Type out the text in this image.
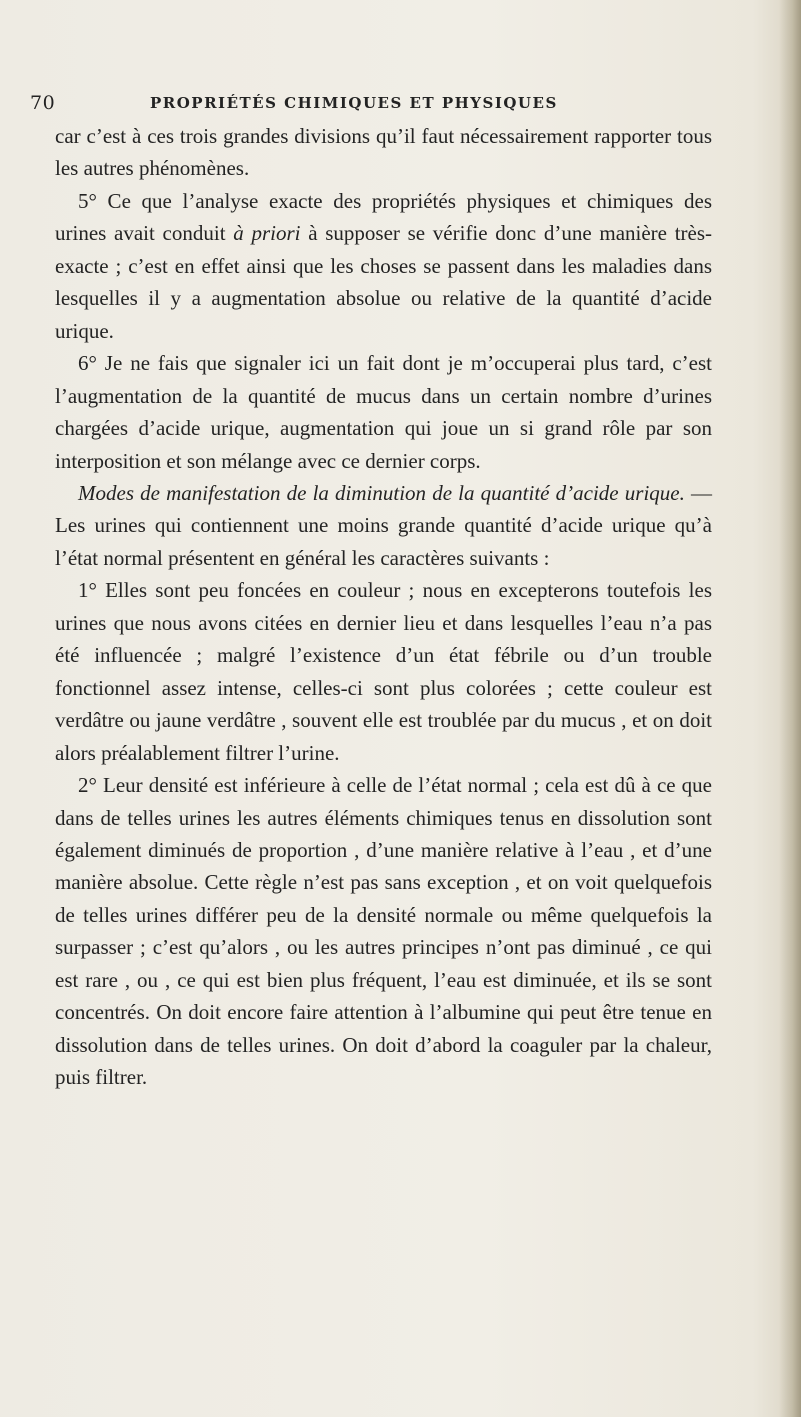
70	PROPRIÉTÉS CHIMIQUES ET PHYSIQUES

car c’est à ces trois grandes divisions qu’il faut nécessairement rapporter tous les autres phénomènes.

5° Ce que l’analyse exacte des propriétés physiques et chimiques des urines avait conduit à priori à supposer se vérifie donc d’une manière très-exacte ; c’est en effet ainsi que les choses se passent dans les maladies dans lesquelles il y a augmentation absolue ou relative de la quantité d’acide urique.

6° Je ne fais que signaler ici un fait dont je m’occuperai plus tard, c’est l’augmentation de la quantité de mucus dans un certain nombre d’urines chargées d’acide urique, augmentation qui joue un si grand rôle par son interposition et son mélange avec ce dernier corps.

Modes de manifestation de la diminution de la quantité d’acide urique. — Les urines qui contiennent une moins grande quantité d’acide urique qu’à l’état normal présentent en général les caractères suivants :

1° Elles sont peu foncées en couleur ; nous en excepterons toutefois les urines que nous avons citées en dernier lieu et dans lesquelles l’eau n’a pas été influencée ; malgré l’existence d’un état fébrile ou d’un trouble fonctionnel assez intense, celles-ci sont plus colorées ; cette couleur est verdâtre ou jaune verdâtre , souvent elle est troublée par du mucus , et on doit alors préalablement filtrer l’urine.

2° Leur densité est inférieure à celle de l’état normal ; cela est dû à ce que dans de telles urines les autres éléments chimiques tenus en dissolution sont également diminués de proportion , d’une manière relative à l’eau , et d’une manière absolue. Cette règle n’est pas sans exception , et on voit quelquefois de telles urines différer peu de la densité normale ou même quelquefois la surpasser ; c’est qu’alors , ou les autres principes n’ont pas diminué , ce qui est rare , ou , ce qui est bien plus fréquent, l’eau est diminuée, et ils se sont concentrés. On doit encore faire attention à l’albumine qui peut être tenue en dissolution dans de telles urines. On doit d’abord la coaguler par la chaleur, puis filtrer.
